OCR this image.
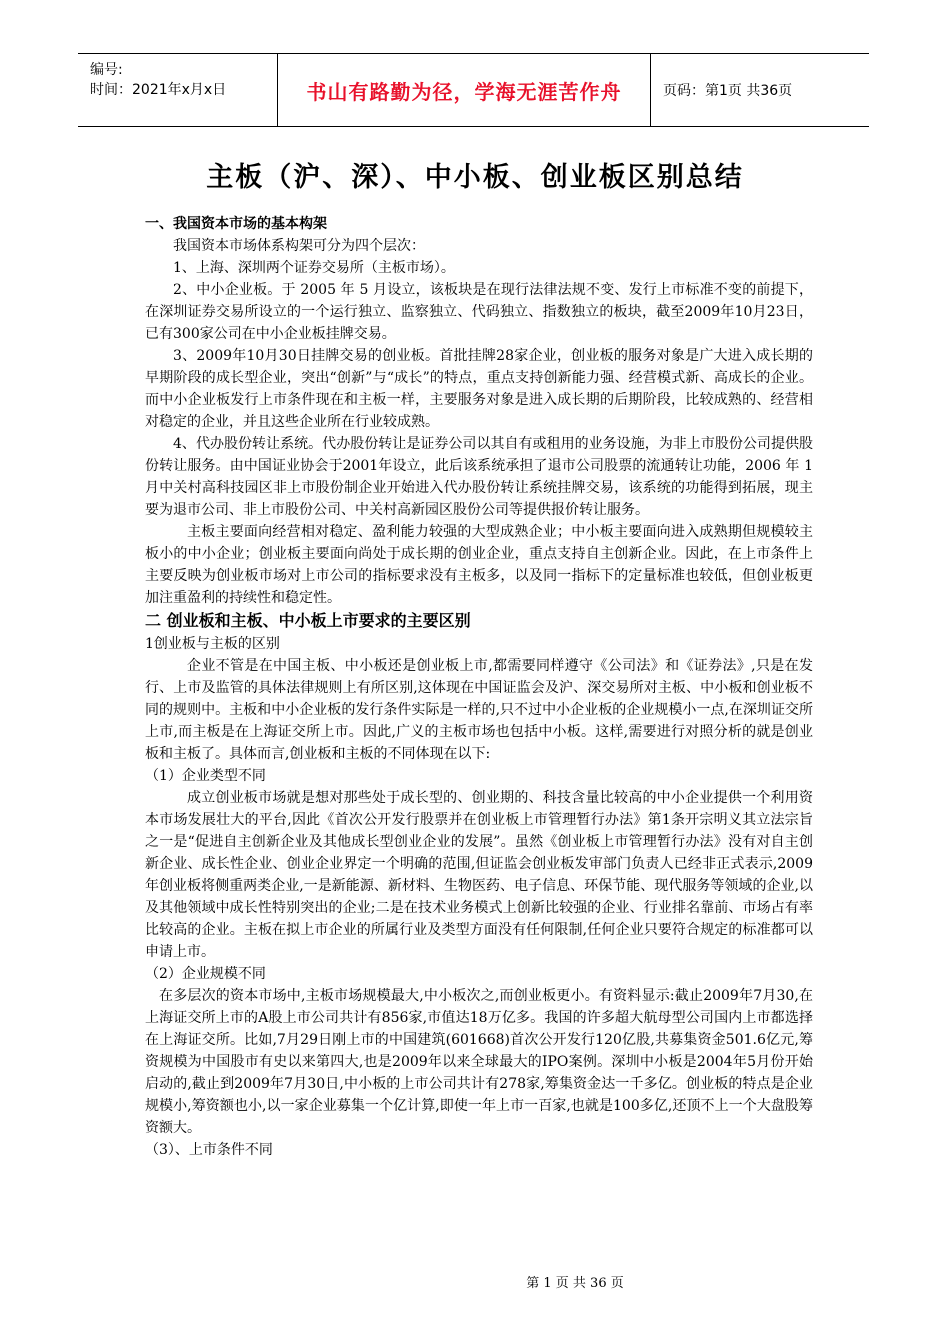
编号:
时间：2021年x月x日	书山有路勤为径，学海无涯苦作舟	页码：第1页 共36页
主板（沪、深）、中小板、创业板区别总结

一、我国资本市场的基本构架

我国资本市场体系构架可分为四个层次：

1、上海、深圳两个证券交易所（主板市场）。

2、中小企业板。于 2005 年 5 月设立，该板块是在现行法律法规不变、发行上市标准不变的前提下，在深圳证券交易所设立的一个运行独立、监察独立、代码独立、指数独立的板块，截至2009年10月23日，已有300家公司在中小企业板挂牌交易。

3、2009年10月30日挂牌交易的创业板。首批挂牌28家企业，创业板的服务对象是广大进入成长期的早期阶段的成长型企业，突出“创新”与“成长”的特点，重点支持创新能力强、经营模式新、高成长的企业。而中小企业板发行上市条件现在和主板一样，主要服务对象是进入成长期的后期阶段，比较成熟的、经营相对稳定的企业，并且这些企业所在行业较成熟。

4、代办股份转让系统。代办股份转让是证券公司以其自有或租用的业务设施，为非上市股份公司提供股份转让服务。由中国证业协会于2001年设立，此后该系统承担了退市公司股票的流通转让功能，2006 年 1 月中关村高科技园区非上市股份制企业开始进入代办股份转让系统挂牌交易，该系统的功能得到拓展，现主要为退市公司、非上市股份公司、中关村高新园区股份公司等提供报价转让服务。

主板主要面向经营相对稳定、盈利能力较强的大型成熟企业；中小板主要面向进入成熟期但规模较主板小的中小企业；创业板主要面向尚处于成长期的创业企业，重点支持自主创新企业。因此，在上市条件上主要反映为创业板市场对上市公司的指标要求没有主板多，以及同一指标下的定量标准也较低，但创业板更加注重盈利的持续性和稳定性。

二 创业板和主板、中小板上市要求的主要区别

1创业板与主板的区别

企业不管是在中国主板、中小板还是创业板上市,都需要同样遵守《公司法》和《证券法》,只是在发行、上市及监管的具体法律规则上有所区别,这体现在中国证监会及沪、深交易所对主板、中小板和创业板不同的规则中。主板和中小企业板的发行条件实际是一样的,只不过中小企业板的企业规模小一点,在深圳证交所上市,而主板是在上海证交所上市。因此,广义的主板市场也包括中小板。这样,需要进行对照分析的就是创业板和主板了。具体而言,创业板和主板的不同体现在以下:

（1）企业类型不同

成立创业板市场就是想对那些处于成长型的、创业期的、科技含量比较高的中小企业提供一个利用资本市场发展壮大的平台,因此《首次公开发行股票并在创业板上市管理暂行办法》第1条开宗明义其立法宗旨之一是“促进自主创新企业及其他成长型创业企业的发展”。虽然《创业板上市管理暂行办法》没有对自主创新企业、成长性企业、创业企业界定一个明确的范围,但证监会创业板发审部门负责人已经非正式表示,2009年创业板将侧重两类企业,一是新能源、新材料、生物医药、电子信息、环保节能、现代服务等领域的企业,以及其他领域中成长性特别突出的企业;二是在技术业务模式上创新比较强的企业、行业排名靠前、市场占有率比较高的企业。主板在拟上市企业的所属行业及类型方面没有任何限制,任何企业只要符合规定的标准都可以申请上市。

（2）企业规模不同

在多层次的资本市场中,主板市场规模最大,中小板次之,而创业板更小。有资料显示:截止2009年7月30,在上海证交所上市的A股上市公司共计有856家,市值达18万亿多。我国的许多超大航母型公司国内上市都选择在上海证交所。比如,7月29日刚上市的中国建筑(601668)首次公开发行120亿股,共募集资金501.6亿元,筹资规模为中国股市有史以来第四大,也是2009年以来全球最大的IPO案例。深圳中小板是2004年5月份开始启动的,截止到2009年7月30日,中小板的上市公司共计有278家,筹集资金达一千多亿。创业板的特点是企业规模小,筹资额也小,以一家企业募集一个亿计算,即使一年上市一百家,也就是100多亿,还顶不上一个大盘股筹资额大。

（3）、上市条件不同

第 1 页 共 36 页
